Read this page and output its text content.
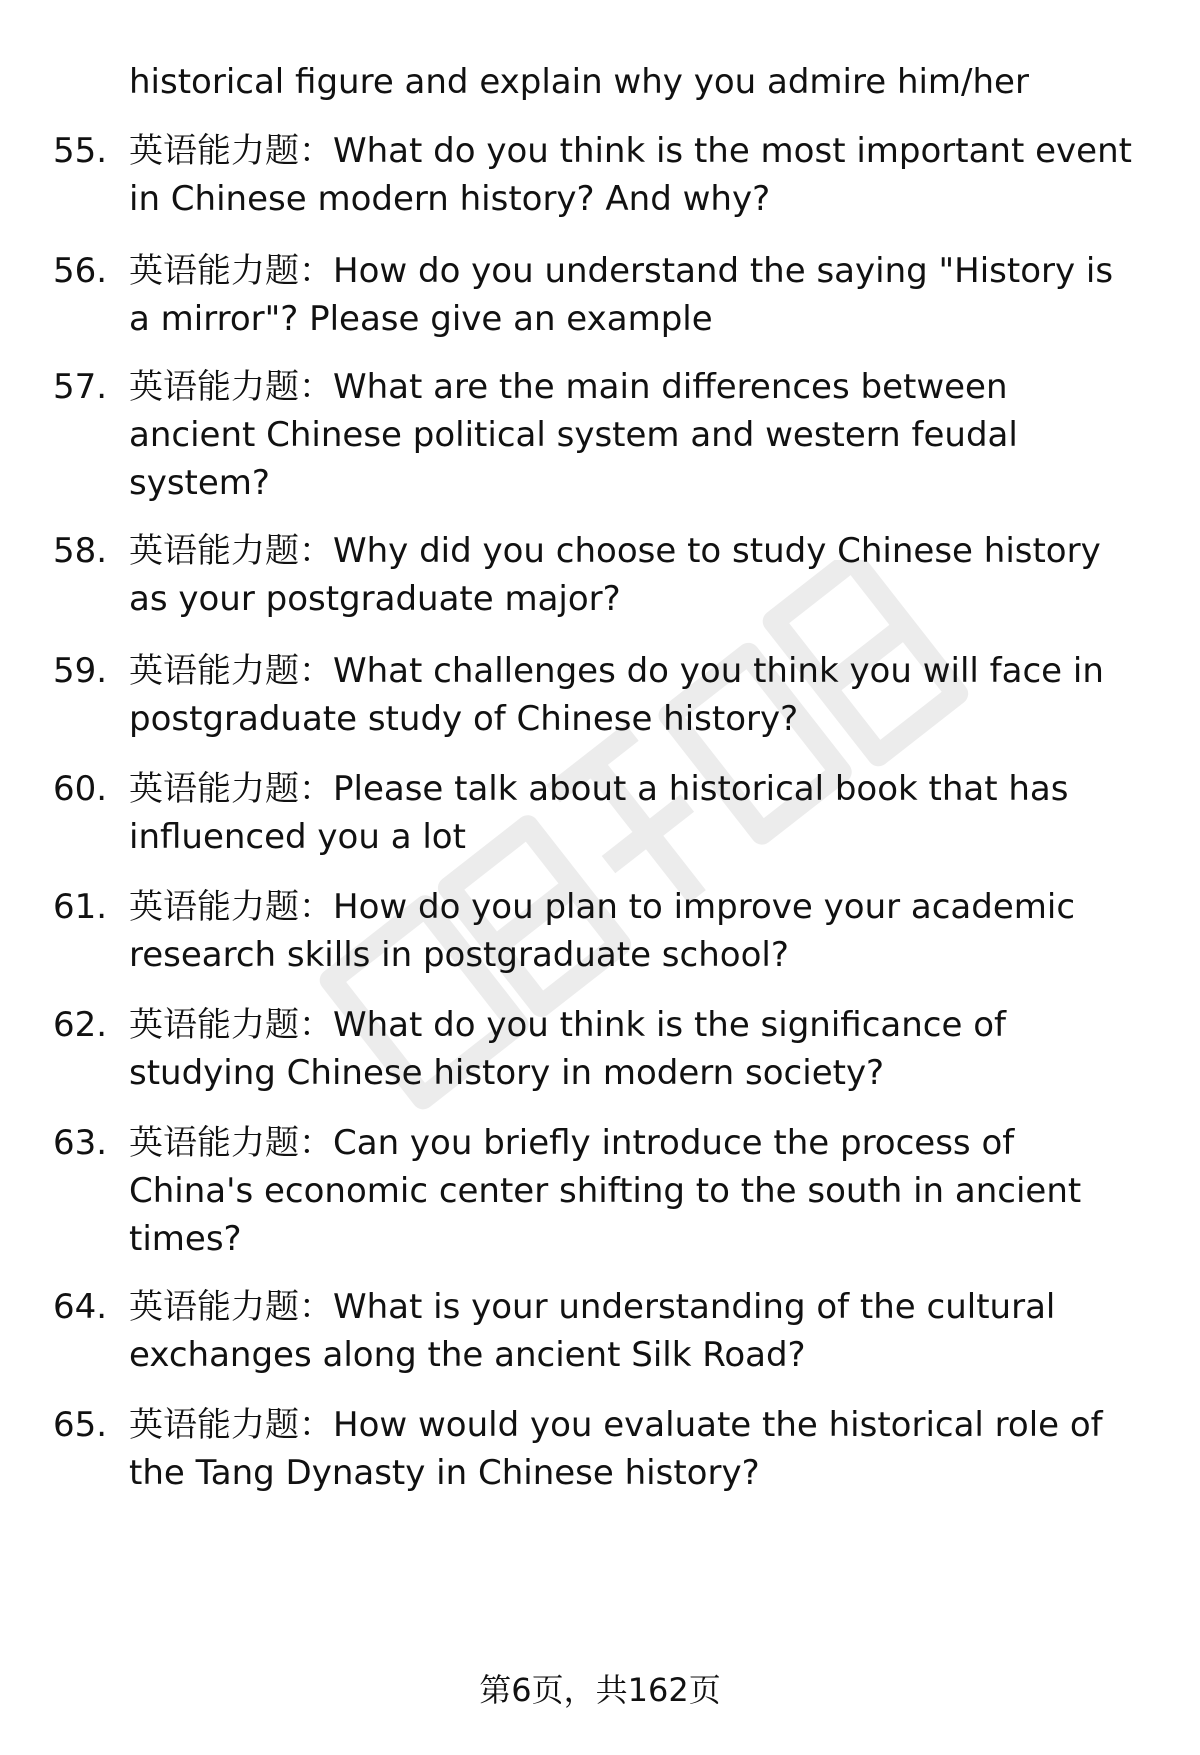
historical figure and explain why you admire him/her
55. 英语能力题：What do you think is the most important event
in Chinese modern history? And why?
56. 英语能力题：How do you understand the saying "History is
a mirror"? Please give an example
57. 英语能力题：What are the main differences between
ancient Chinese political system and western feudal
system?
58. 英语能力题：Why did you choose to study Chinese history
as your postgraduate major?
59. 英语能力题：What challenges do you think you will face in
postgraduate study of Chinese history?
60. 英语能力题：Please talk about a historical book that has
influenced you a lot
61. 英语能力题：How do you plan to improve your academic
research skills in postgraduate school?
62. 英语能力题：What do you think is the significance of
studying Chinese history in modern society?
63. 英语能力题：Can you briefly introduce the process of
China's economic center shifting to the south in ancient
times?
64. 英语能力题：What is your understanding of the cultural
exchanges along the ancient Silk Road?
65. 英语能力题：How would you evaluate the historical role of
the Tang Dynasty in Chinese history?
第6页，共162页
